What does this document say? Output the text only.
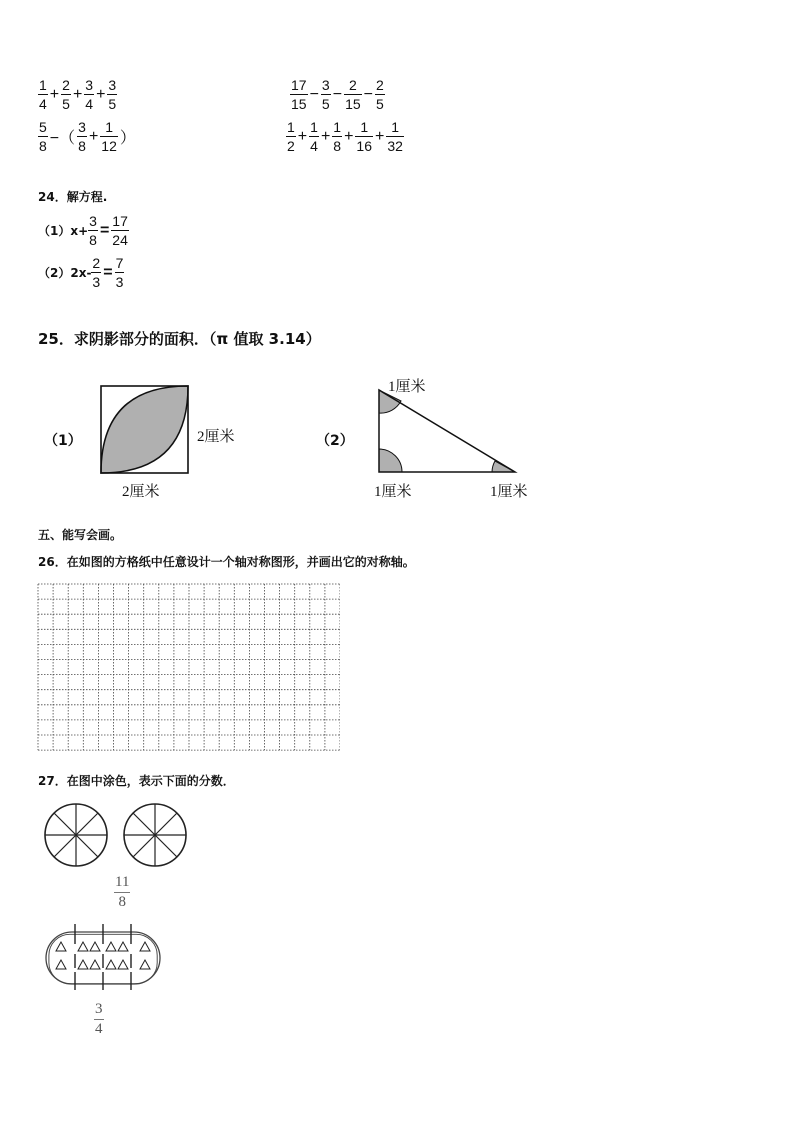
$\frac{1}{4} + \frac{2}{5} + \frac{3}{4} + \frac{3}{5}$	$\frac{17}{15} - \frac{3}{5} - \frac{2}{15} - \frac{2}{5}$
$\frac{5}{8}$ −（ $\frac{3}{8} + \frac{1}{12}$ ）	$\frac{1}{2} + \frac{1}{4} + \frac{1}{8} + \frac{1}{16} + \frac{1}{32}$
24．解方程.
$(1)x+ \frac{3}{8} = \frac{17}{24}$
$(2)2x- \frac{2}{3} = \frac{7}{3}$
25．求阴影部分的面积．（π 值取 3.14）
（1）	2厘米
2厘米
（2）
1厘米
1厘米	1厘米
五、能写会画。
26．在如图的方格纸中任意设计一个轴对称图形，并画出它的对称轴。
27．在图中涂色，表示下面的分数．
$\frac{11}{8}$
$\frac{3}{4}$
